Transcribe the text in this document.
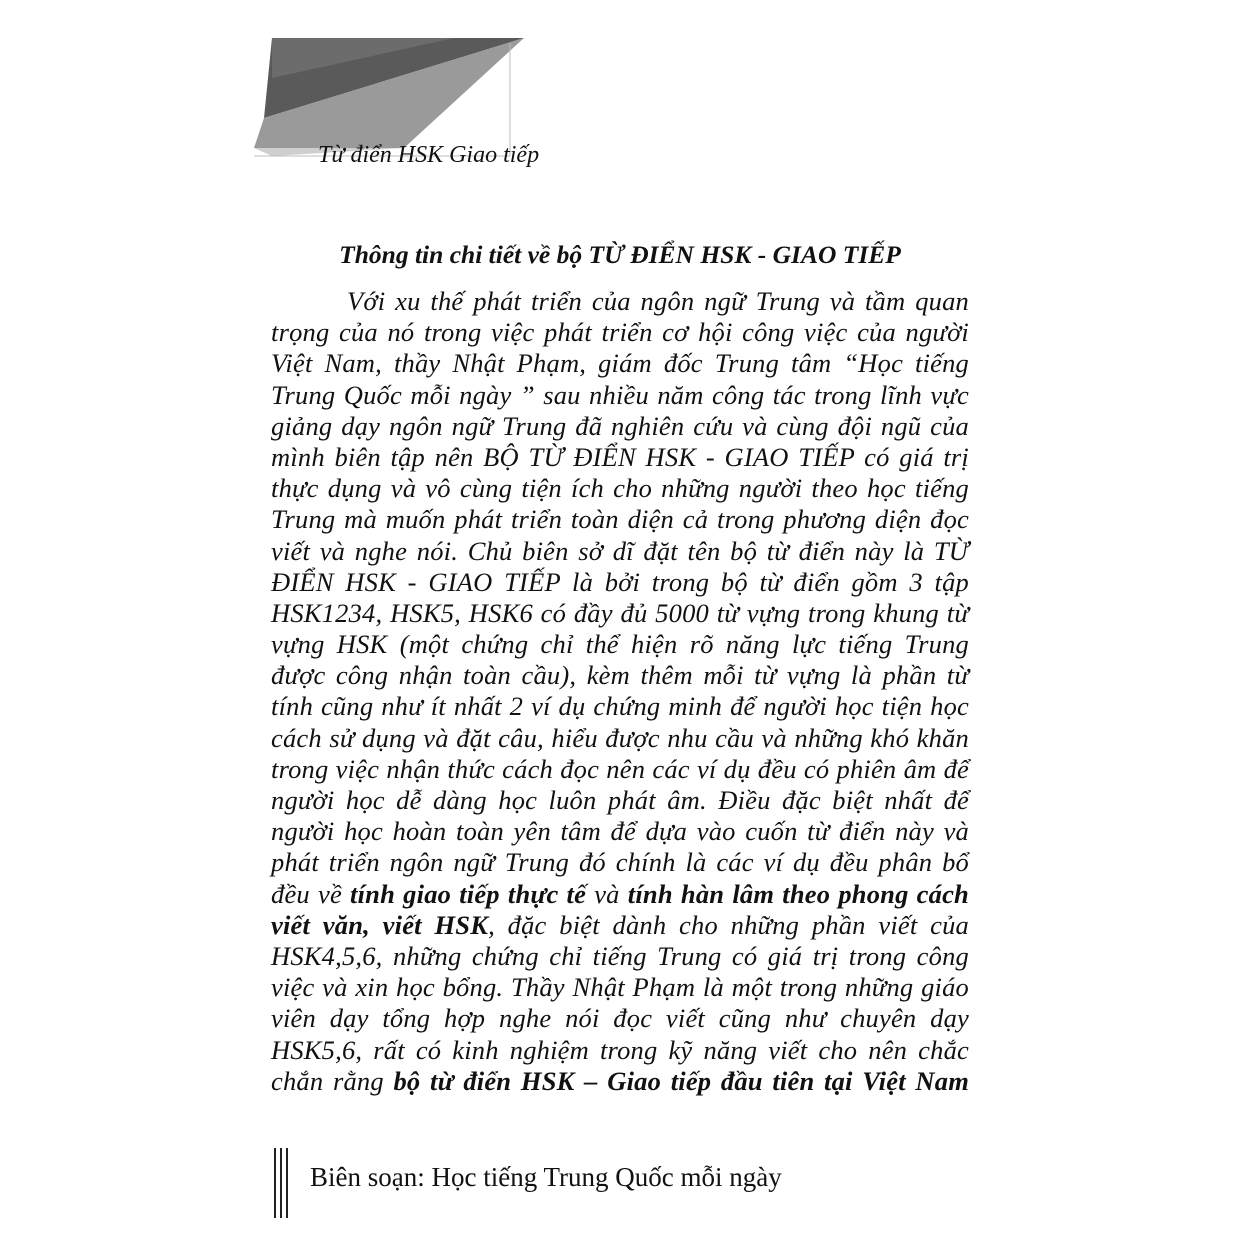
Từ điển HSK Giao tiếp
Thông tin chi tiết về bộ TỪ ĐIỂN HSK - GIAO TIẾP
Với xu thế phát triển của ngôn ngữ Trung và tầm quan
trọng của nó trong việc phát triển cơ hội công việc của người
Việt Nam, thầy Nhật Phạm, giám đốc Trung tâm “Học tiếng
Trung Quốc mỗi ngày ” sau nhiều năm công tác trong lĩnh vực
giảng dạy ngôn ngữ Trung đã nghiên cứu và cùng đội ngũ của
mình biên tập nên BỘ TỪ ĐIỂN HSK - GIAO TIẾP có giá trị
thực dụng và vô cùng tiện ích cho những người theo học tiếng
Trung mà muốn phát triển toàn diện cả trong phương diện đọc
viết và nghe nói. Chủ biên sở dĩ đặt tên bộ từ điển này là TỪ
ĐIỂN HSK - GIAO TIẾP là bởi trong bộ từ điển gồm 3 tập
HSK1234, HSK5, HSK6 có đầy đủ 5000 từ vựng trong khung từ
vựng HSK (một chứng chỉ thể hiện rõ năng lực tiếng Trung
được công nhận toàn cầu), kèm thêm mỗi từ vựng là phần từ
tính cũng như ít nhất 2 ví dụ chứng minh để người học tiện học
cách sử dụng và đặt câu, hiểu được nhu cầu và những khó khăn
trong việc nhận thức cách đọc nên các ví dụ đều có phiên âm để
người học dễ dàng học luôn phát âm. Điều đặc biệt nhất để
người học hoàn toàn yên tâm để dựa vào cuốn từ điển này và
phát triển ngôn ngữ Trung đó chính là các ví dụ đều phân bổ
đều về tính giao tiếp thực tế và tính hàn lâm theo phong cách
viết văn, viết HSK, đặc biệt dành cho những phần viết của
HSK4,5,6, những chứng chỉ tiếng Trung có giá trị trong công
việc và xin học bổng. Thầy Nhật Phạm là một trong những giáo
viên dạy tổng hợp nghe nói đọc viết cũng như chuyên dạy
HSK5,6, rất có kinh nghiệm trong kỹ năng viết cho nên chắc
chắn rằng bộ từ điển HSK – Giao tiếp đầu tiên tại Việt Nam
Biên soạn: Học tiếng Trung Quốc mỗi ngày
